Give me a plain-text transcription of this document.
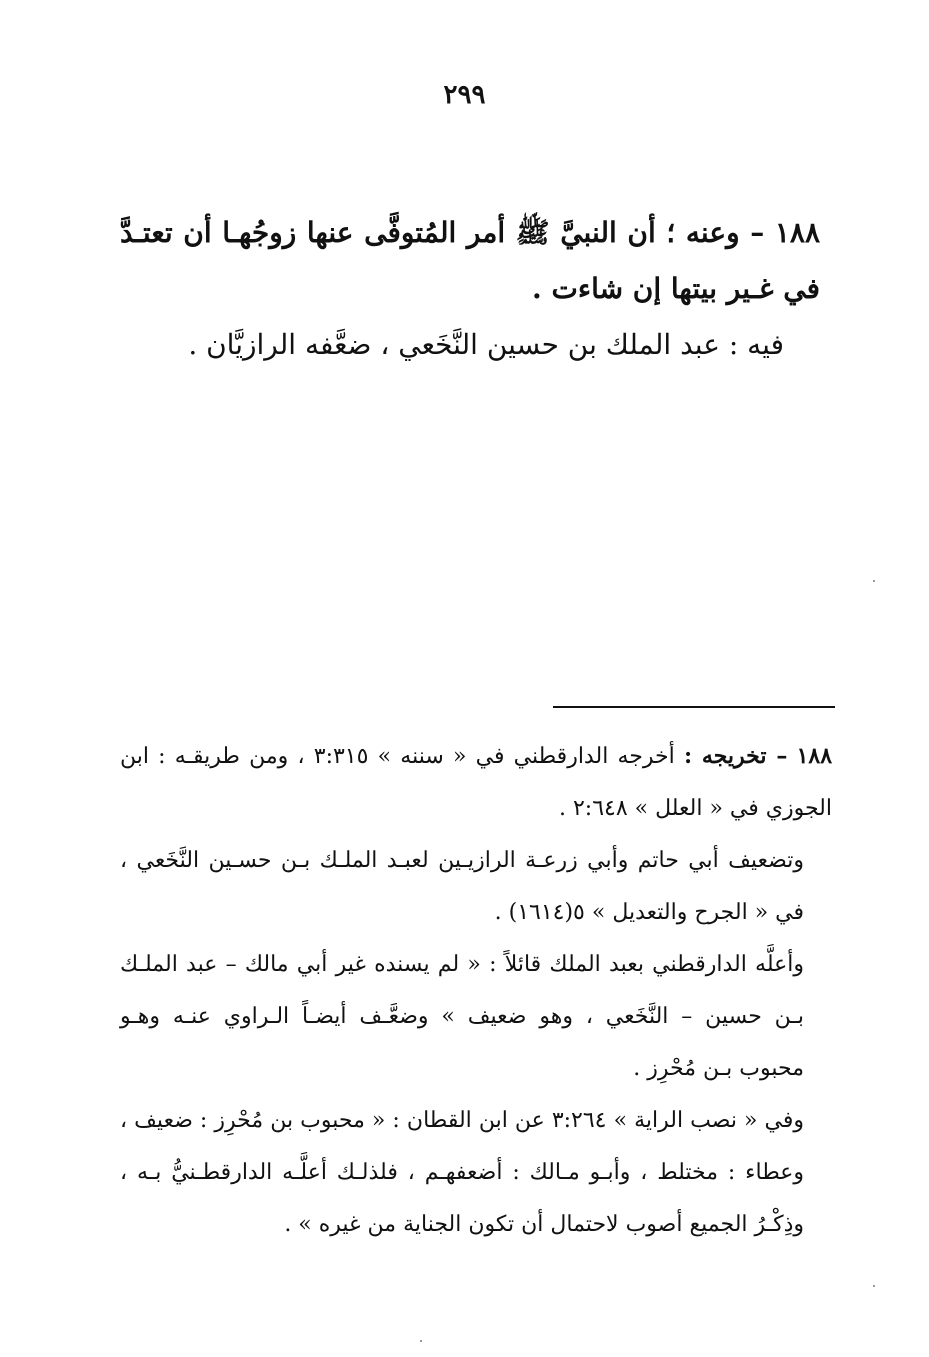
٢٩٩

١٨٨ – وعنه ؛ أن النبيَّ ﷺ أمر المُتوفَّى عنها زوجُهـا أن تعتـدَّ في غـير بيتها إن شاءت .

فيه : عبد الملك بن حسين النَّخَعي ، ضعَّفه الرازيَّان .

١٨٨ – تخريجه : أخرجه الدارقطني في « سننه » ٣:٣١٥ ، ومن طريقـه : ابن الجوزي في « العلل » ٢:٦٤٨ .

وتضعيف أبي حاتم وأبي زرعـة الرازيـين لعبـد الملـك بـن حسـين النَّخَعي ، في « الجرح والتعديل » ٥(١٦١٤) .

وأعلَّه الدارقطني بعبد الملك قائلاً : « لم يسنده غير أبي مالك – عبد الملـك بـن حسين – النَّخَعي ، وهو ضعيف » وضعَّـف أيضـاً الـراوي عنـه وهـو محبوب بـن مُحْرِز .

وفي « نصب الراية » ٣:٢٦٤ عن ابن القطان : « محبوب بن مُحْرِز : ضعيف ، وعطاء : مختلط ، وأبـو مـالك : أضعفهـم ، فلذلـك أعلَّـه الدارقطـنيُّ بـه ، وذِكْـرُ الجميع أصوب لاحتمال أن تكون الجناية من غيره » .
